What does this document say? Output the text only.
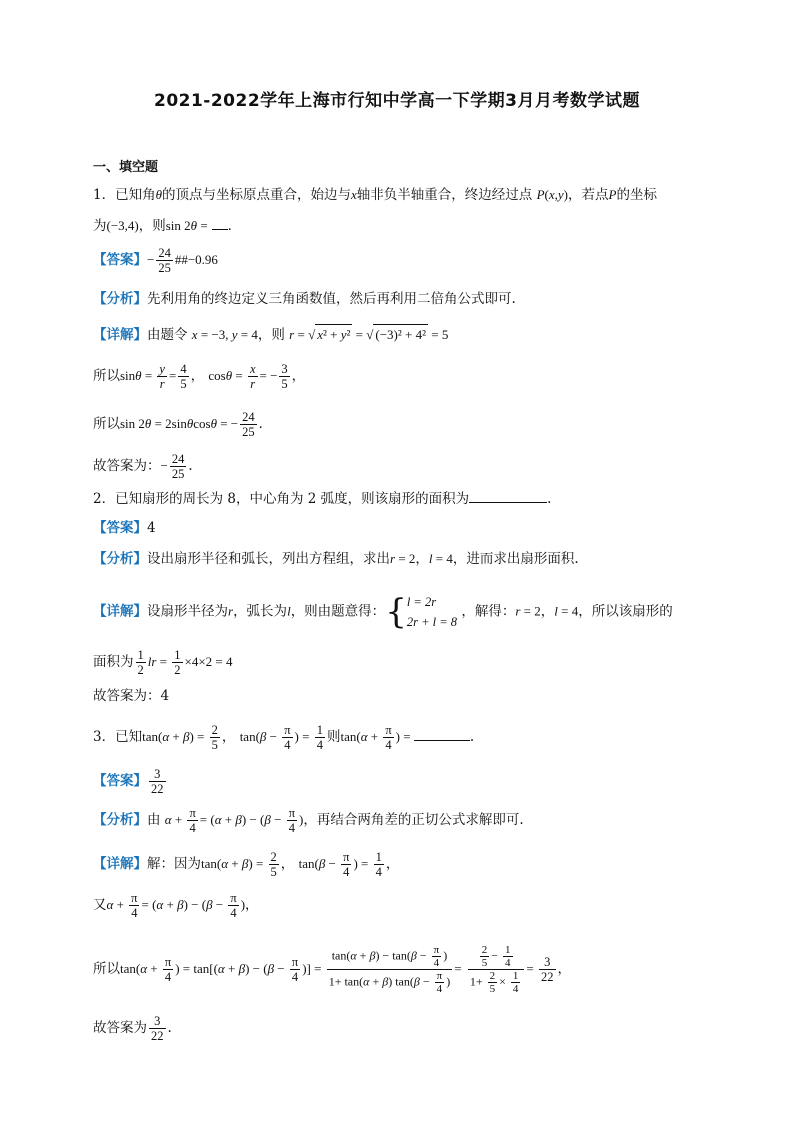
2021-2022学年上海市行知中学高一下学期3月月考数学试题
一、填空题
1．已知角θ的顶点与坐标原点重合，始边与x轴非负半轴重合，终边经过点 P(x,y)，若点P的坐标
为(−3,4)，则sin 2θ = ．
【答案】− $\frac{24}{25}$ ##−0.96
【分析】先利用角的终边定义三角函数值，然后再利用二倍角公式即可.
【详解】由题令 x = −3, y = 4，则 r = √ x² + y² = √ (−3)² + 4² = 5
所以$\sin\theta = \frac{y}{r} = \frac{4}{5}$ ， $\cos\theta = \frac{x}{r}$ = − $\frac{3}{5}$ ，
所以sin 2θ = 2sinθcosθ = − $\frac{24}{25}$ ．
故答案为：− $\frac{24}{25}$ .
2．已知扇形的周长为 8，中心角为 2 弧度，则该扇形的面积为	.
【答案】4
【分析】设出扇形半径和弧长，列出方程组，求出r = 2，l = 4，进而求出扇形面积.
【详解】设扇形半径为r，弧长为l，则由题意得：{ l = 2r
2r + l = 8
，解得：r = 2，l = 4，所以该扇形的
面积为 $\frac{1}{2}$ lr = $\frac{1}{2} \times 4\times 2 = 4$
故答案为：4
3．已知$\tan(\alpha + \beta) = \frac{2}{5}$ ， $\tan(\beta - \frac{\pi}{4}$ ) = $\frac{1}{4}$ 则$\tan(\alpha + \frac{\pi}{4}$ ) =	.
【答案】 $\frac{3}{22}$
【分析】由 $\alpha + \frac{\pi}{4} = (\alpha + \beta) - (\beta - \frac{\pi}{4}$ )，再结合两角差的正切公式求解即可.
【详解】解：因为$\tan(\alpha + \beta) = \frac{2}{5}$ ， $\tan(\beta - \frac{\pi}{4}$ ) = $\frac{1}{4}$ ，
又$\alpha + \frac{\pi}{4} = (\alpha + \beta) - (\beta - \frac{\pi}{4}$ )，
所以$\tan(\alpha + \frac{\pi}{4}$ ) = $\tan[(\alpha + \beta) - (\beta - \frac{\pi}{4}$ )] = $\frac{\tan(\alpha + \beta) - \tan(\beta - \frac{\pi}{4} )}{1+ \tan(\alpha + \beta) \tan(\beta - \frac{\pi}{4} )} = \frac{\frac{2}{5} - \frac{1}{4}}{1+ \frac{2}{5} \times \frac{1}{4}} = \frac{3}{22}$ ，
故答案为 $\frac{3}{22}$ .
